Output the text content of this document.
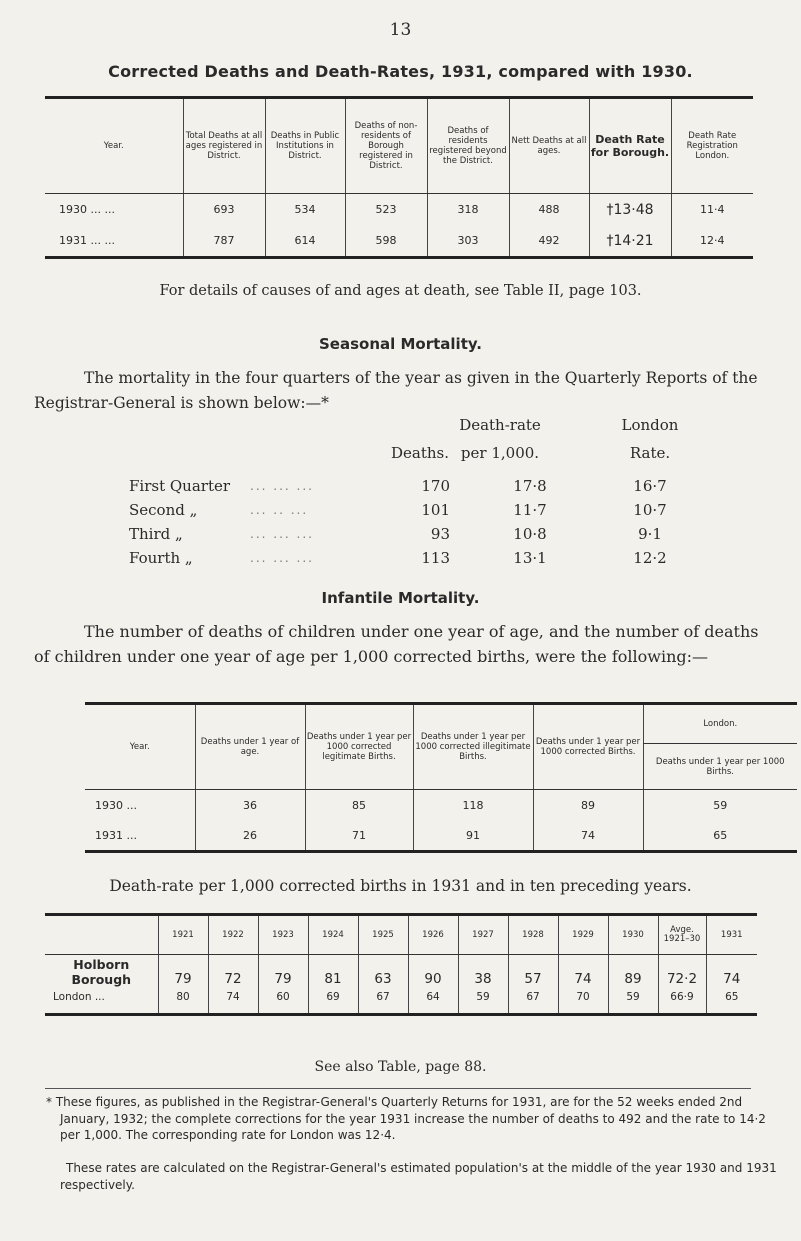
13
Corrected Deaths and Death-Rates, 1931, compared with 1930.
Year.	Total Deaths at all ages registered in District.	Deaths in Public Institutions in District.	Deaths of non-residents of Borough registered in District.	Deaths of residents registered beyond the District.	Nett Deaths at all ages.	Death Rate for Borough.	Death Rate Registration London.
1930 ... ...	693	534	523	318	488	†13·48	11·4
1931 ... ...	787	614	598	303	492	†14·21	12·4
For details of causes of and ages at death, see Table II, page 103.
Seasonal Mortality.
The mortality in the four quarters of the year as given in the Quarterly Reports of the Registrar-General is shown below:—*
Death-rate	London
Deaths. per 1,000.	Rate.
First Quarter ... ... ...	170	17·8	16·7
Second „	... .. ...	101	11·7	10·7
Third „	... ... ...	93	10·8	9·1
Fourth „	... ... ...	113	13·1	12·2
Infantile Mortality.
The number of deaths of children under one year of age, and the number of deaths of children under one year of age per 1,000 corrected births, were the following:—
Year.	Deaths under 1 year of age.	Deaths under 1 year per 1000 corrected legitimate Births.	Deaths under 1 year per 1000 corrected illegitimate Births.	Deaths under 1 year per 1000 corrected Births.	London.
					Deaths under 1 year per 1000 Births.
1930 ...	36	85	118	89	59
1931 ...	26	71	91	74	65
Death-rate per 1,000 corrected births in 1931 and in ten preceding years.
	1921	1922	1923	1924	1925	1926	1927	1928	1929	1930	Avge. 1921–30	1931
Holborn Borough	79	72	79	81	63	90	38	57	74	89	72·2	74
London ...	80	74	60	69	67	64	59	67	70	59	66·9	65
See also Table, page 88.
* These figures, as published in the Registrar-General's Quarterly Returns for 1931, are for the 52 weeks ended 2nd January, 1932; the complete corrections for the year 1931 increase the number of deaths to 492 and the rate to 14·2 per 1,000. The corresponding rate for London was 12·4.
These rates are calculated on the Registrar-General's estimated population's at the middle of the year 1930 and 1931 respectively.
